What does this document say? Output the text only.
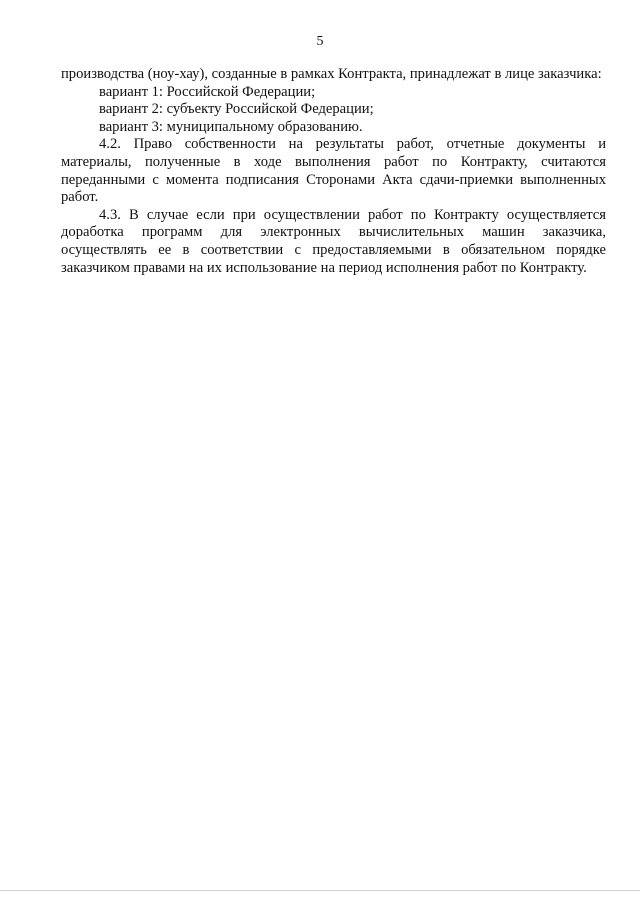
5

производства (ноу-хау), созданные в рамках Контракта, принадлежат в лице заказчика:

вариант 1: Российской Федерации;

вариант 2: субъекту Российской Федерации;

вариант 3: муниципальному образованию.

4.2. Право собственности на результаты работ, отчетные документы и материалы, полученные в ходе выполнения работ по Контракту, считаются переданными с момента подписания Сторонами Акта сдачи-приемки выполненных работ.

4.3. В случае если при осуществлении работ по Контракту осуществляется доработка программ для электронных вычислительных машин заказчика, осуществлять ее в соответствии с предоставляемыми в обязательном порядке заказчиком правами на их использование на период исполнения работ по Контракту.
